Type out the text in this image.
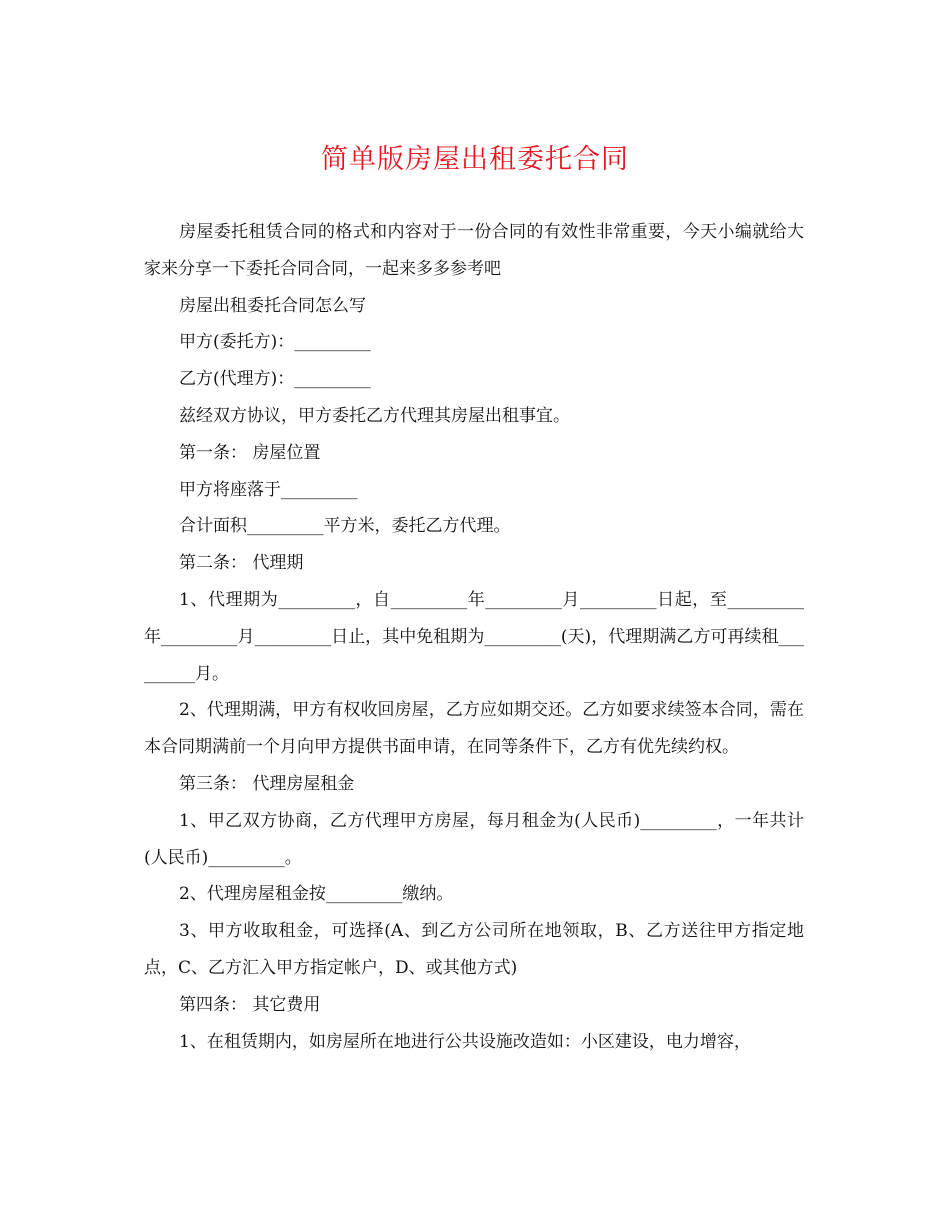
简单版房屋出租委托合同

房屋委托租赁合同的格式和内容对于一份合同的有效性非常重要，今天小编就给大家来分享一下委托合同合同，一起来多多参考吧

房屋出租委托合同怎么写

甲方(委托方)：_________

乙方(代理方)：_________

兹经双方协议，甲方委托乙方代理其房屋出租事宜。

第一条： 房屋位置

甲方将座落于_________

合计面积_________平方米，委托乙方代理。

第二条： 代理期

1、代理期为_________，自_________年_________月_________日起，至_________年_________月_________日止，其中免租期为_________(天)，代理期满乙方可再续租_________月。

2、代理期满，甲方有权收回房屋，乙方应如期交还。乙方如要求续签本合同，需在本合同期满前一个月向甲方提供书面申请，在同等条件下，乙方有优先续约权。

第三条： 代理房屋租金

1、甲乙双方协商，乙方代理甲方房屋，每月租金为(人民币)_________，一年共计(人民币)_________。

2、代理房屋租金按_________缴纳。

3、甲方收取租金，可选择(A、到乙方公司所在地领取，B、乙方送往甲方指定地点，C、乙方汇入甲方指定帐户，D、或其他方式)

第四条： 其它费用

1、在租赁期内，如房屋所在地进行公共设施改造如：小区建设，电力增容，
